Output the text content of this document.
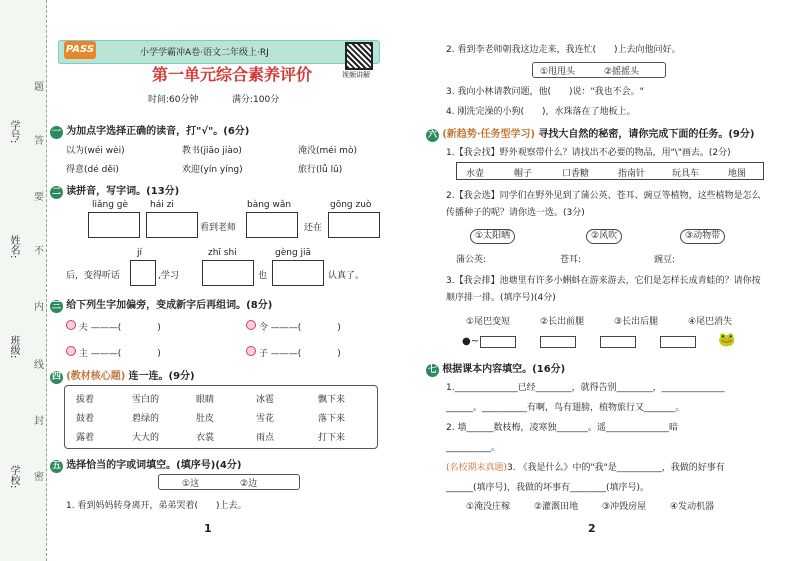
学号:
姓名:
班级:
学校:
题
答
要
不
内
线
封
密
PASS	小学学霸冲A卷·语文二年级上·RJ
视频讲解
第一单元综合素养评价
时间:60分钟	满分:100分
一 为加点字选择正确的读音，打"√"。(6分)
以为(wéi wèi)	教书(jiāo jiào)	淹没(méi mò)
得意(dé děi)	欢迎(yín yíng)	旅行(lǚ lǔ)
二 读拼音，写字词。(13分)
liǎng gè hái zi	bàng wǎn	gōng zuò
看到老师	还在
jí	zhī shi	gèng jiā
后，变得听话	,学习	也	认真了。
三 给下列生字加偏旁，变成新字后再组词。(8分)
夫 ———(　　　　)	令 ———(　　　　)
主 ———(　　　　)	子 ———(　　　　)
四 (教材核心题) 连一连。(9分)
拔着	雪白的	眼睛	冰雹	飘下来
鼓着	碧绿的	肚皮	雪花	落下来
露着	大大的	衣裳	雨点	打下来
五 选择恰当的字或词填空。(填序号)(4分)
①这	②边
1. 看到妈妈转身离开，弟弟哭着(　　)上去。
1
2. 看到李老师朝我这边走来，我连忙(　　)上去向他问好。
①甩甩头	②摇摇头
3. 我向小林请教问题，他(　　)说："我也不会。"
4. 刚洗完澡的小狗(　　)，水珠落在了地板上。
六 (新趋势·任务型学习) 寻找大自然的秘密，请你完成下面的任务。(9分)
1.【我会找】野外观察带什么？请找出不必要的物品，用"\"画去。(2分)
水壶	帽子	口香糖	指南针	玩具车	地图
2.【我会选】同学们在野外见到了蒲公英、苍耳、豌豆等植物，这些植物是怎么传播种子的呢？请你选一选。(3分)
①太阳晒	②风吹	③动物带
蒲公英:	苍耳:	豌豆:
3.【我会排】池塘里有许多小蝌蚪在游来游去，它们是怎样长成青蛙的？请你按顺序排一排。(填序号)(4分)
①尾巴变短	②长出前腿	③长出后腿	④尾巴消失
●~	🐸
七 根据课本内容填空。(16分)
1.______________已经________，就得告别________，______________
______。__________有啊，鸟有翅膀，植物旅行又_______。
2. 墙______数枝梅，凌寒独_______。遥______________暗
__________。
(名校期末真题)3. 《我是什么》中的"我"是__________，我做的好事有
______(填序号)，我做的坏事有________(填序号)。
①淹没庄稼	②灌溉田地	③冲毁房屋	④发动机器
2
